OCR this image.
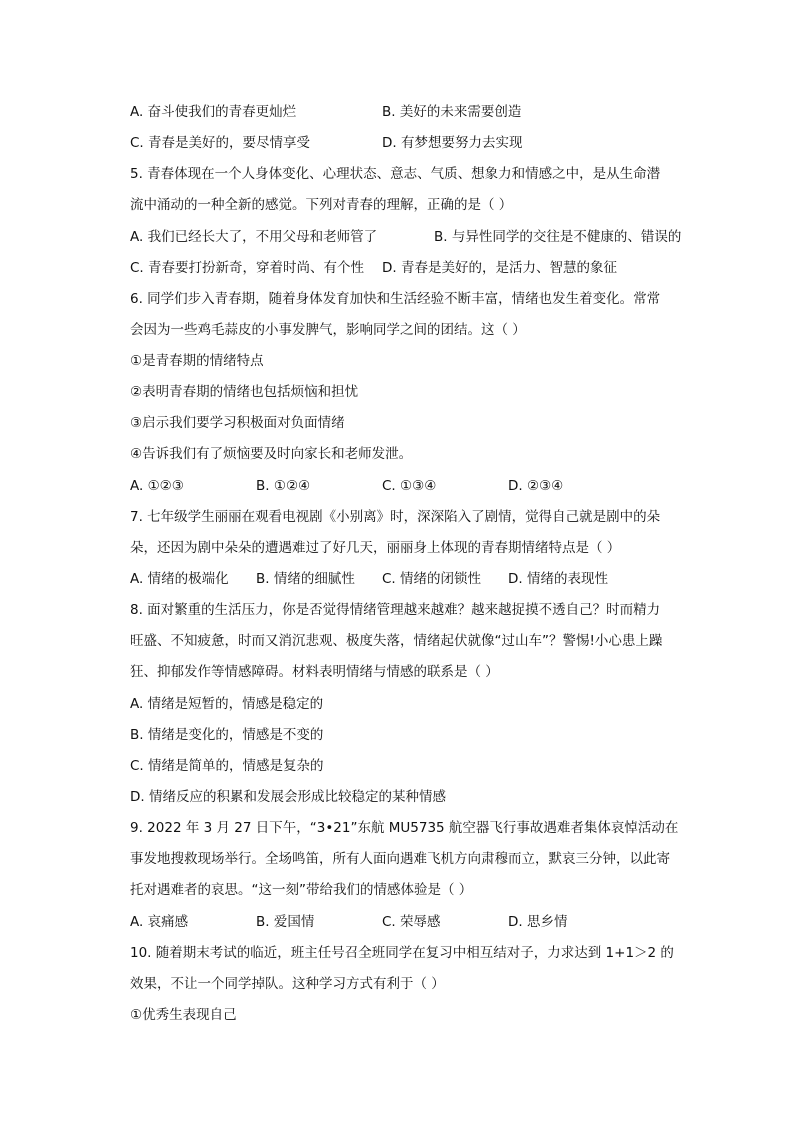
A. 奋斗使我们的青春更灿烂	B. 美好的未来需要创造
C. 青春是美好的，要尽情享受	D. 有梦想要努力去实现
5. 青春体现在一个人身体变化、心理状态、意志、气质、想象力和情感之中，是从生命潜
流中涌动的一种全新的感觉。下列对青春的理解，正确的是（ ）
A. 我们已经长大了，不用父母和老师管了	B. 与异性同学的交往是不健康的、错误的
C. 青春要打扮新奇，穿着时尚、有个性 D. 青春是美好的，是活力、智慧的象征
6. 同学们步入青春期，随着身体发育加快和生活经验不断丰富，情绪也发生着变化。常常
会因为一些鸡毛蒜皮的小事发脾气，影响同学之间的团结。这（ ）
①是青春期的情绪特点
②表明青春期的情绪也包括烦恼和担忧
③启示我们要学习积极面对负面情绪
④告诉我们有了烦恼要及时向家长和老师发泄。
A. ①②③	B. ①②④	C. ①③④	D. ②③④
7. 七年级学生丽丽在观看电视剧《小别离》时，深深陷入了剧情，觉得自己就是剧中的朵
朵，还因为剧中朵朵的遭遇难过了好几天，丽丽身上体现的青春期情绪特点是（ ）
A. 情绪的极端化 B. 情绪的细腻性 C. 情绪的闭锁性 D. 情绪的表现性
8. 面对繁重的生活压力，你是否觉得情绪管理越来越难？越来越捉摸不透自己？时而精力
旺盛、不知疲惫，时而又消沉悲观、极度失落，情绪起伏就像“过山车”？警惕!小心患上躁
狂、抑郁发作等情感障碍。材料表明情绪与情感的联系是（ ）
A. 情绪是短暂的，情感是稳定的
B. 情绪是变化的，情感是不变的
C. 情绪是简单的，情感是复杂的
D. 情绪反应的积累和发展会形成比较稳定的某种情感
9. 2022 年 3 月 27 日下午，“3•21”东航 MU5735 航空器飞行事故遇难者集体哀悼活动在
事发地搜救现场举行。全场鸣笛，所有人面向遇难飞机方向肃穆而立，默哀三分钟，以此寄
托对遇难者的哀思。“这一刻”带给我们的情感体验是（ ）
A. 哀痛感	B. 爱国情	C. 荣辱感	D. 思乡情
10. 随着期末考试的临近，班主任号召全班同学在复习中相互结对子，力求达到 1+1＞2 的
效果，不让一个同学掉队。这种学习方式有利于（ ）
①优秀生表现自己
